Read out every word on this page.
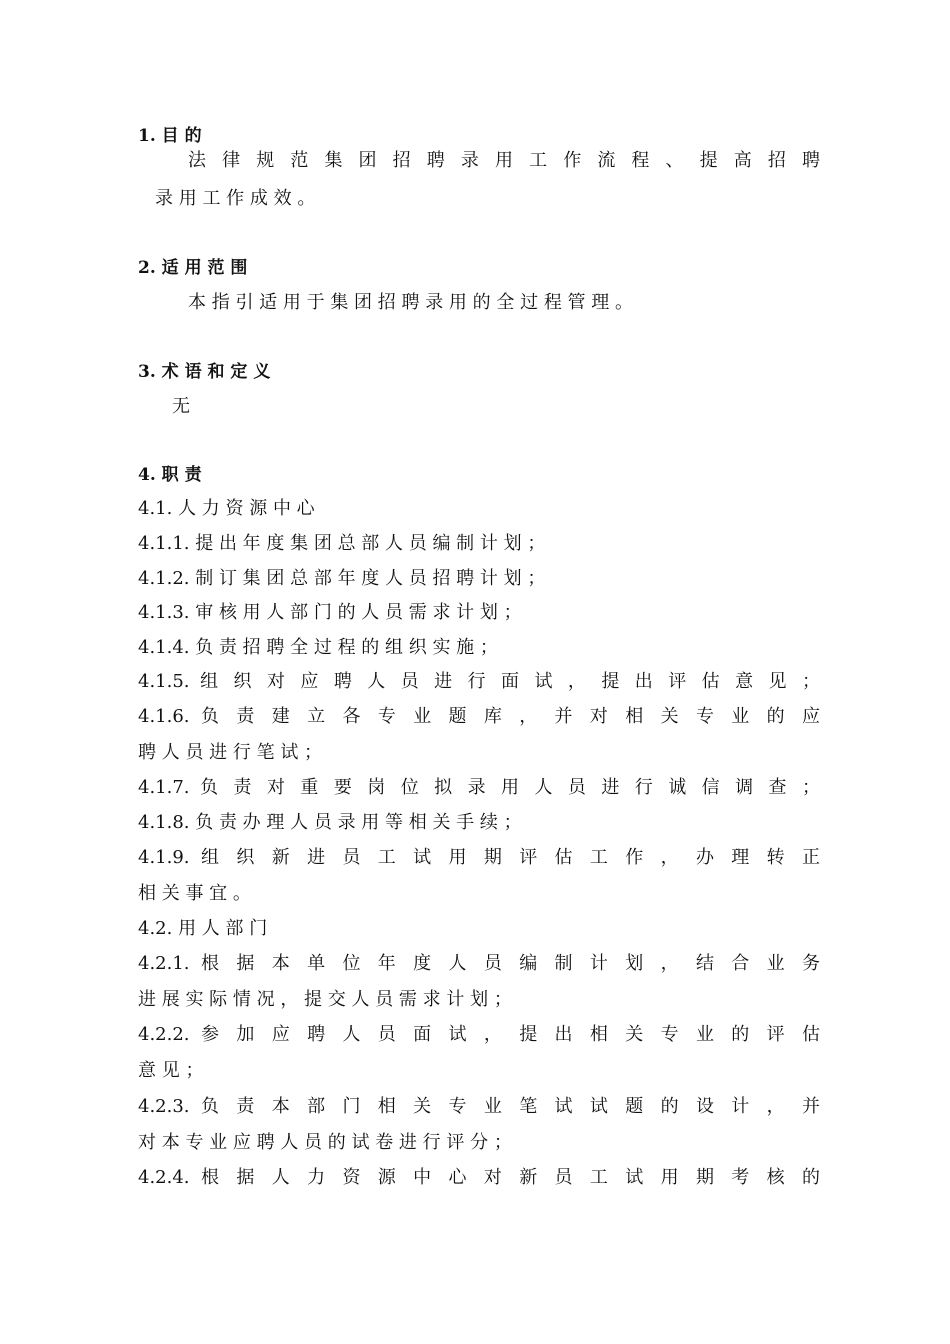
1. 目 的
法 律 规 范 集 团 招 聘 录 用 工 作 流 程 、 提 高 招 聘
录 用 工 作 成 效 。
2. 适 用 范 围
本 指 引 适 用 于 集 团 招 聘 录 用 的 全 过 程 管 理 。
3. 术 语 和 定 义
无
4. 职 责
4.1. 人 力 资 源 中 心
4.1.1. 提 出 年 度 集 团 总 部 人 员 编 制 计 划 ；
4.1.2. 制 订 集 团 总 部 年 度 人 员 招 聘 计 划 ；
4.1.3. 审 核 用 人 部 门 的 人 员 需 求 计 划 ；
4.1.4. 负 责 招 聘 全 过 程 的 组 织 实 施 ；
4.1.5. 组 织 对 应 聘 人 员 进 行 面 试 ， 提 出 评 估 意 见 ；
4.1.6. 负 责 建 立 各 专 业 题 库 ， 并 对 相 关 专 业 的 应
聘 人 员 进 行 笔 试 ；
4.1.7. 负 责 对 重 要 岗 位 拟 录 用 人 员 进 行 诚 信 调 查 ；
4.1.8. 负 责 办 理 人 员 录 用 等 相 关 手 续 ；
4.1.9. 组 织 新 进 员 工 试 用 期 评 估 工 作 ， 办 理 转 正
相 关 事 宜 。
4.2. 用 人 部 门
4.2.1. 根 据 本 单 位 年 度 人 员 编 制 计 划 ， 结 合 业 务
进 展 实 际 情 况 ， 提 交 人 员 需 求 计 划 ；
4.2.2. 参 加 应 聘 人 员 面 试 ， 提 出 相 关 专 业 的 评 估
意 见 ；
4.2.3. 负 责 本 部 门 相 关 专 业 笔 试 试 题 的 设 计 ， 并
对 本 专 业 应 聘 人 员 的 试 卷 进 行 评 分 ；
4.2.4. 根 据 人 力 资 源 中 心 对 新 员 工 试 用 期 考 核 的
